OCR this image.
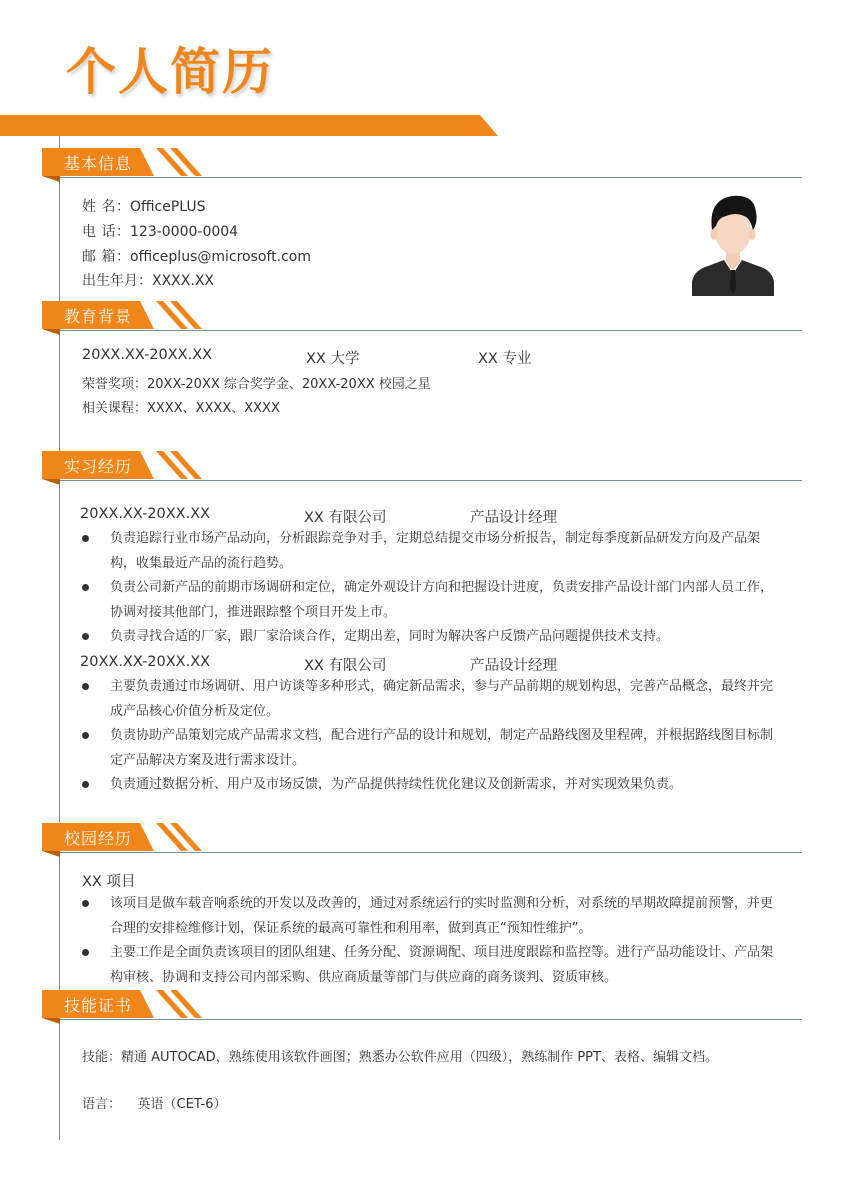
个人简历
基本信息
姓 名：OfficePLUS
电 话：123-0000-0004
邮 箱：officeplus@microsoft.com
出生年月：XXXX.XX
教育背景
20XX.XX-20XX.XX	XX 大学	XX 专业
荣誉奖项：20XX-20XX 综合奖学金、20XX-20XX 校园之星
相关课程：XXXX、XXXX、XXXX
实习经历
20XX.XX-20XX.XX	XX 有限公司	产品设计经理
负责追踪行业市场产品动向，分析跟踪竞争对手，定期总结提交市场分析报告，制定每季度新品研发方向及产品架构，收集最近产品的流行趋势。
负责公司新产品的前期市场调研和定位，确定外观设计方向和把握设计进度，负责安排产品设计部门内部人员工作，协调对接其他部门，推进跟踪整个项目开发上市。
负责寻找合适的厂家，跟厂家洽谈合作，定期出差，同时为解决客户反馈产品问题提供技术支持。
20XX.XX-20XX.XX	XX 有限公司	产品设计经理
主要负责通过市场调研、用户访谈等多种形式，确定新品需求，参与产品前期的规划构思，完善产品概念，最终并完成产品核心价值分析及定位。
负责协助产品策划完成产品需求文档，配合进行产品的设计和规划，制定产品路线图及里程碑，并根据路线图目标制定产品解决方案及进行需求设计。
负责通过数据分析、用户及市场反馈，为产品提供持续性优化建议及创新需求，并对实现效果负责。
校园经历
XX 项目
该项目是做车载音响系统的开发以及改善的，通过对系统运行的实时监测和分析，对系统的早期故障提前预警，并更合理的安排检维修计划，保证系统的最高可靠性和利用率，做到真正“预知性维护”。
主要工作是全面负责该项目的团队组建、任务分配、资源调配、项目进度跟踪和监控等。进行产品功能设计、产品架构审核、协调和支持公司内部采购、供应商质量等部门与供应商的商务谈判、资质审核。
技能证书
技能：精通 AUTOCAD，熟练使用该软件画图；熟悉办公软件应用（四级），熟练制作 PPT、表格、编辑文档。
语言：    英语（CET-6）
